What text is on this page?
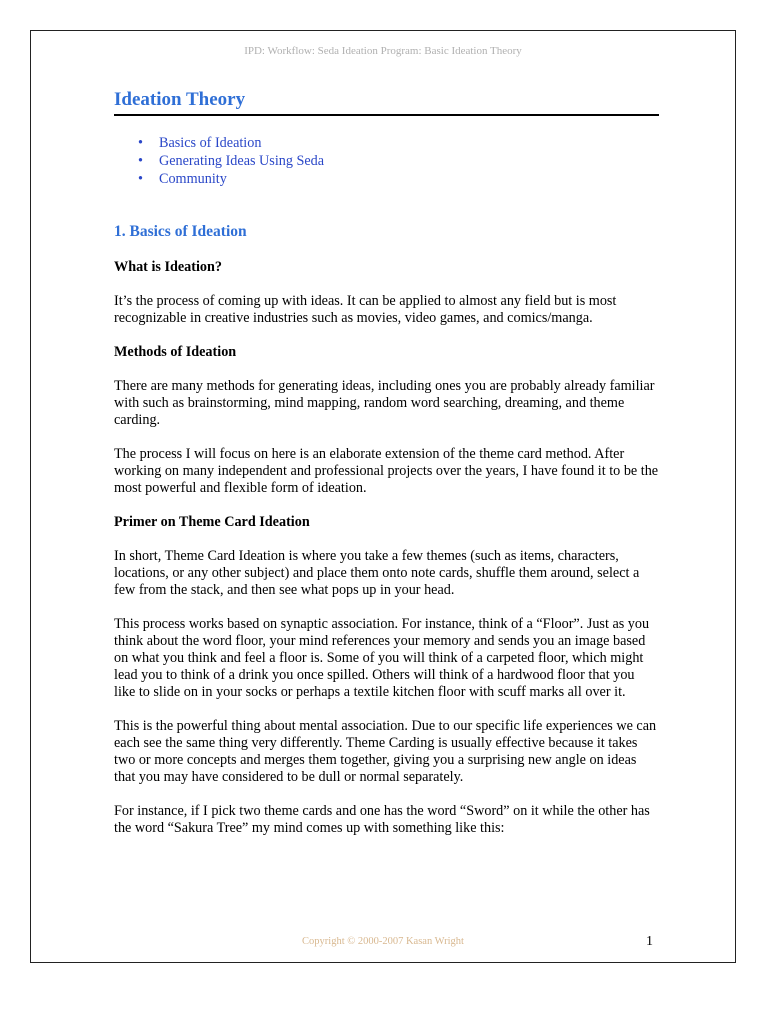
IPD: Workflow: Seda Ideation Program: Basic Ideation Theory
Ideation Theory
• Basics of Ideation
• Generating Ideas Using Seda
• Community
1. Basics of Ideation
What is Ideation?

It’s the process of coming up with ideas. It can be applied to almost any field but is most recognizable in creative industries such as movies, video games, and comics/manga.

Methods of Ideation

There are many methods for generating ideas, including ones you are probably already familiar with such as brainstorming, mind mapping, random word searching, dreaming, and theme carding.

The process I will focus on here is an elaborate extension of the theme card method. After working on many independent and professional projects over the years, I have found it to be the most powerful and flexible form of ideation.

Primer on Theme Card Ideation

In short, Theme Card Ideation is where you take a few themes (such as items, characters, locations, or any other subject) and place them onto note cards, shuffle them around, select a few from the stack, and then see what pops up in your head.

This process works based on synaptic association. For instance, think of a “Floor”. Just as you think about the word floor, your mind references your memory and sends you an image based on what you think and feel a floor is. Some of you will think of a carpeted floor, which might lead you to think of a drink you once spilled. Others will think of a hardwood floor that you like to slide on in your socks or perhaps a textile kitchen floor with scuff marks all over it.

This is the powerful thing about mental association. Due to our specific life experiences we can each see the same thing very differently. Theme Carding is usually effective because it takes two or more concepts and merges them together, giving you a surprising new angle on ideas that you may have considered to be dull or normal separately.

For instance, if I pick two theme cards and one has the word “Sword” on it while the other has the word “Sakura Tree” my mind comes up with something like this:

Copyright © 2000-2007 Kasan Wright	1
